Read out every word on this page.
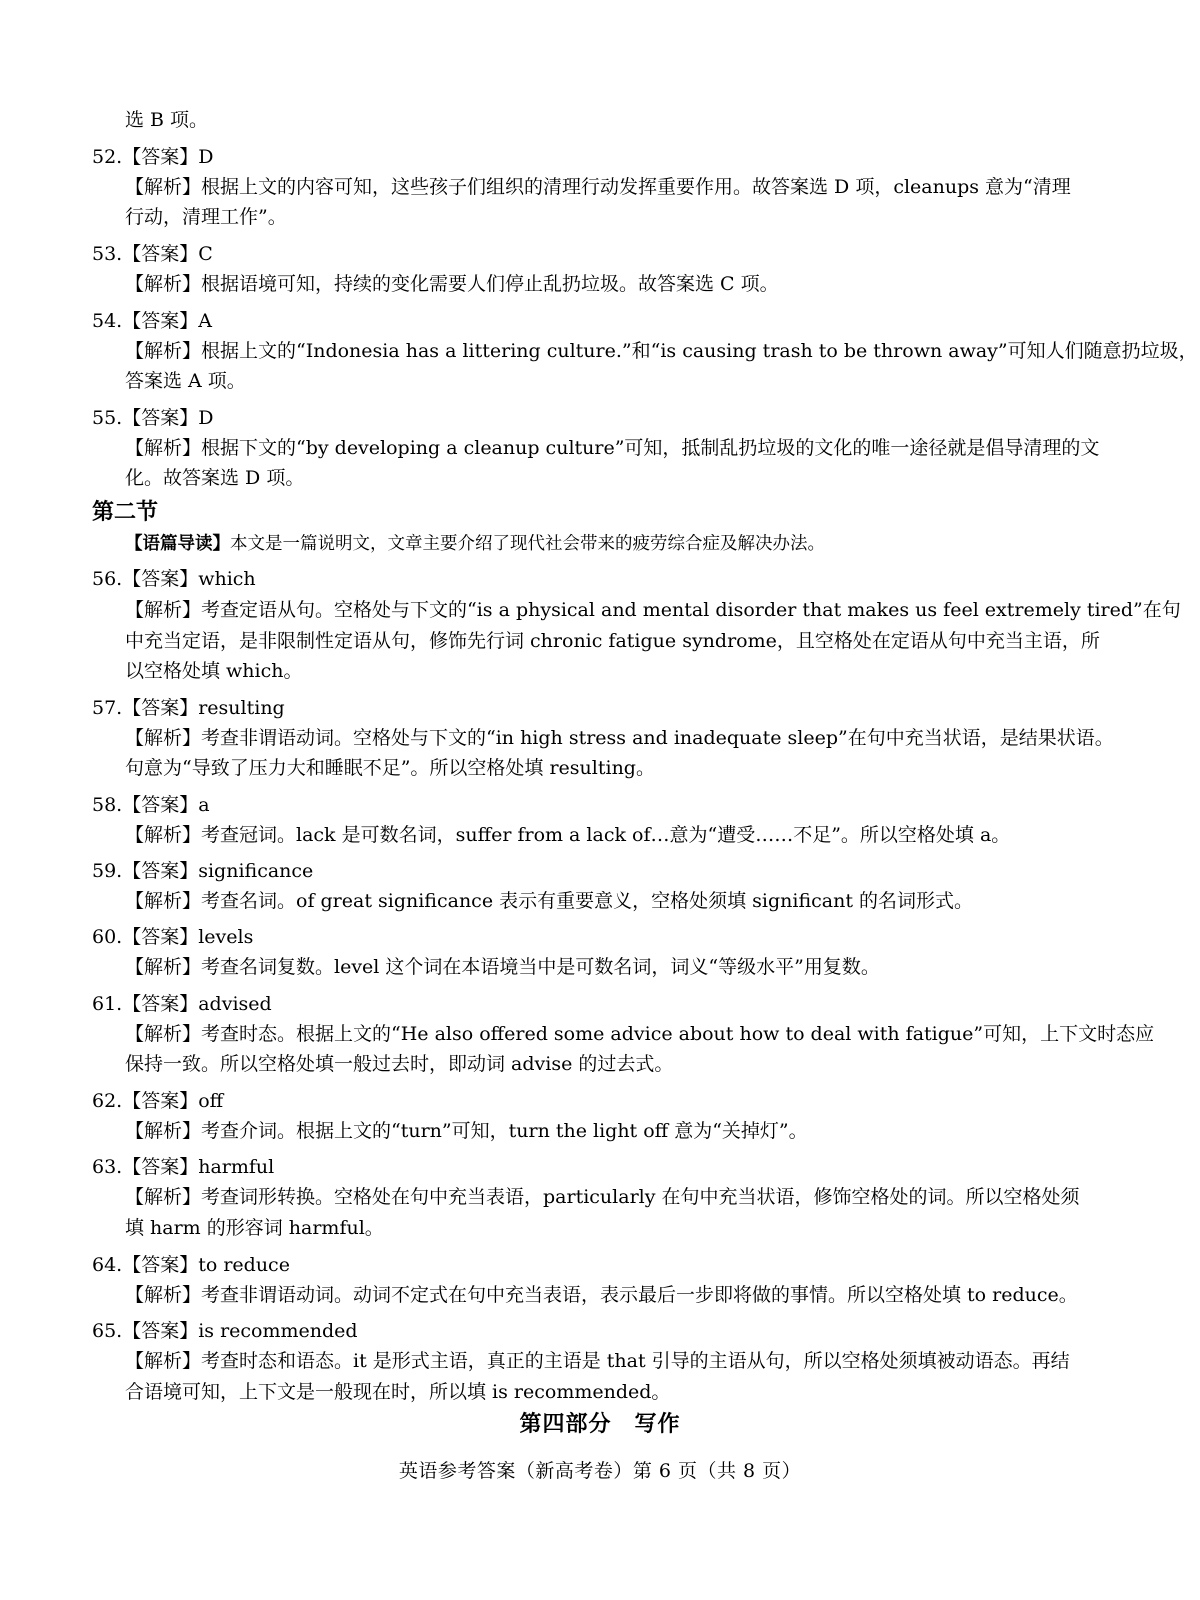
选 B 项。
52.【答案】D
【解析】根据上文的内容可知，这些孩子们组织的清理行动发挥重要作用。故答案选 D 项，cleanups 意为“清理
行动，清理工作”。
53.【答案】C
【解析】根据语境可知，持续的变化需要人们停止乱扔垃圾。故答案选 C 项。
54.【答案】A
【解析】根据上文的“Indonesia has a littering culture.”和“is causing trash to be thrown away”可知人们随意扔垃圾，
答案选 A 项。
55.【答案】D
【解析】根据下文的“by developing a cleanup culture”可知，抵制乱扔垃圾的文化的唯一途径就是倡导清理的文
化。故答案选 D 项。
第二节
【语篇导读】本文是一篇说明文，文章主要介绍了现代社会带来的疲劳综合症及解决办法。
56.【答案】which
【解析】考查定语从句。空格处与下文的“is a physical and mental disorder that makes us feel extremely tired”在句
中充当定语，是非限制性定语从句，修饰先行词 chronic fatigue syndrome，且空格处在定语从句中充当主语，所
以空格处填 which。
57.【答案】resulting
【解析】考查非谓语动词。空格处与下文的“in high stress and inadequate sleep”在句中充当状语，是结果状语。
句意为“导致了压力大和睡眠不足”。所以空格处填 resulting。
58.【答案】a
【解析】考查冠词。lack 是可数名词，suffer from a lack of…意为“遭受……不足”。所以空格处填 a。
59.【答案】significance
【解析】考查名词。of great significance 表示有重要意义，空格处须填 significant 的名词形式。
60.【答案】levels
【解析】考查名词复数。level 这个词在本语境当中是可数名词，词义“等级水平”用复数。
61.【答案】advised
【解析】考查时态。根据上文的“He also offered some advice about how to deal with fatigue”可知，上下文时态应
保持一致。所以空格处填一般过去时，即动词 advise 的过去式。
62.【答案】off
【解析】考查介词。根据上文的“turn”可知，turn the light off 意为“关掉灯”。
63.【答案】harmful
【解析】考查词形转换。空格处在句中充当表语，particularly 在句中充当状语，修饰空格处的词。所以空格处须
填 harm 的形容词 harmful。
64.【答案】to reduce
【解析】考查非谓语动词。动词不定式在句中充当表语，表示最后一步即将做的事情。所以空格处填 to reduce。
65.【答案】is recommended
【解析】考查时态和语态。it 是形式主语，真正的主语是 that 引导的主语从句，所以空格处须填被动语态。再结
合语境可知，上下文是一般现在时，所以填 is recommended。
第四部分　写作
英语参考答案（新高考卷）第 6 页（共 8 页）
